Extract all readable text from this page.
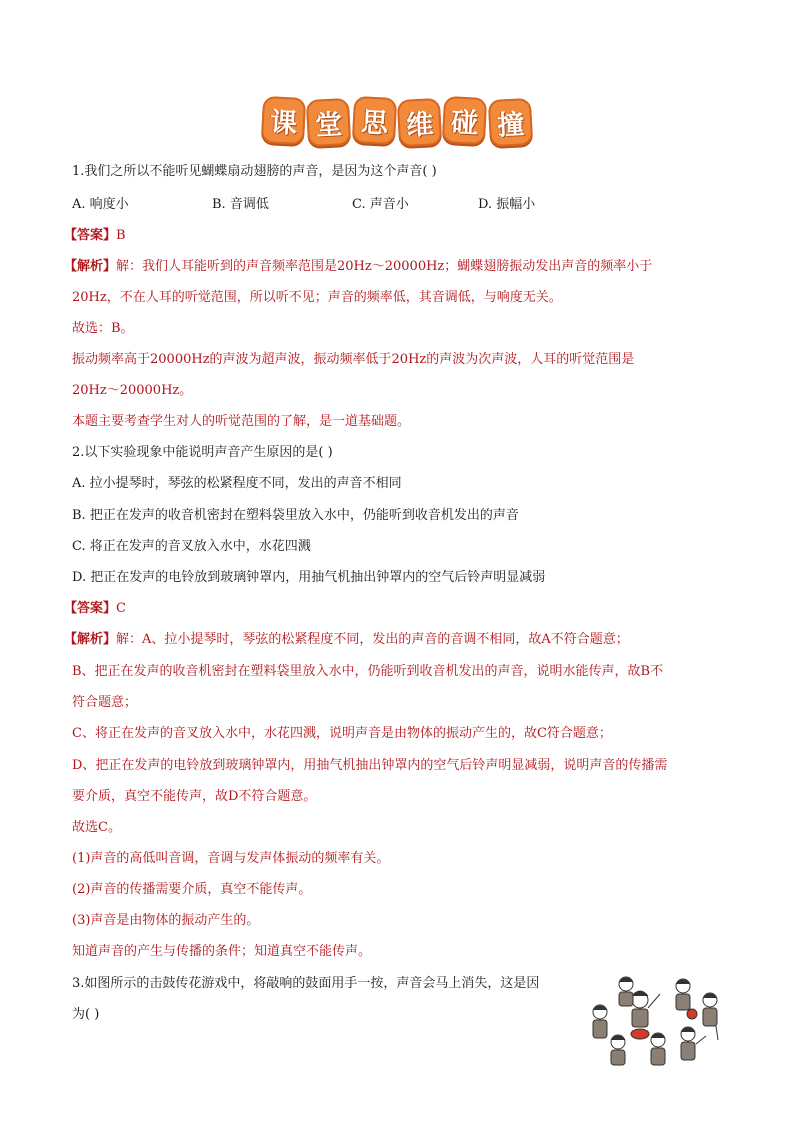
课 堂 思 维 碰 撞
1.我们之所以不能听见蝴蝶扇动翅膀的声音，是因为这个声音( )
A. 响度小	B. 音调低	C. 声音小	D. 振幅小
【答案】B
【解析】解：我们人耳能听到的声音频率范围是20Hz～20000Hz；蝴蝶翅膀振动发出声音的频率小于
20Hz，不在人耳的听觉范围，所以听不见；声音的频率低，其音调低，与响度无关。
故选：B。
振动频率高于20000Hz的声波为超声波，振动频率低于20Hz的声波为次声波，人耳的听觉范围是
20Hz～20000Hz。
本题主要考查学生对人的听觉范围的了解，是一道基础题。
2.以下实验现象中能说明声音产生原因的是( )
A. 拉小提琴时，琴弦的松紧程度不同，发出的声音不相同
B. 把正在发声的收音机密封在塑料袋里放入水中，仍能听到收音机发出的声音
C. 将正在发声的音叉放入水中，水花四溅
D. 把正在发声的电铃放到玻璃钟罩内，用抽气机抽出钟罩内的空气后铃声明显减弱
【答案】C
【解析】解：A、拉小提琴时，琴弦的松紧程度不同，发出的声音的音调不相同，故A不符合题意；
B、把正在发声的收音机密封在塑料袋里放入水中，仍能听到收音机发出的声音，说明水能传声，故B不
符合题意；
C、将正在发声的音叉放入水中，水花四溅，说明声音是由物体的振动产生的，故C符合题意；
D、把正在发声的电铃放到玻璃钟罩内，用抽气机抽出钟罩内的空气后铃声明显减弱，说明声音的传播需
要介质，真空不能传声，故D不符合题意。
故选C。
(1)声音的高低叫音调，音调与发声体振动的频率有关。
(2)声音的传播需要介质，真空不能传声。
(3)声音是由物体的振动产生的。
知道声音的产生与传播的条件；知道真空不能传声。
3.如图所示的击鼓传花游戏中，将敲响的鼓面用手一按，声音会马上消失，这是因
为( )
